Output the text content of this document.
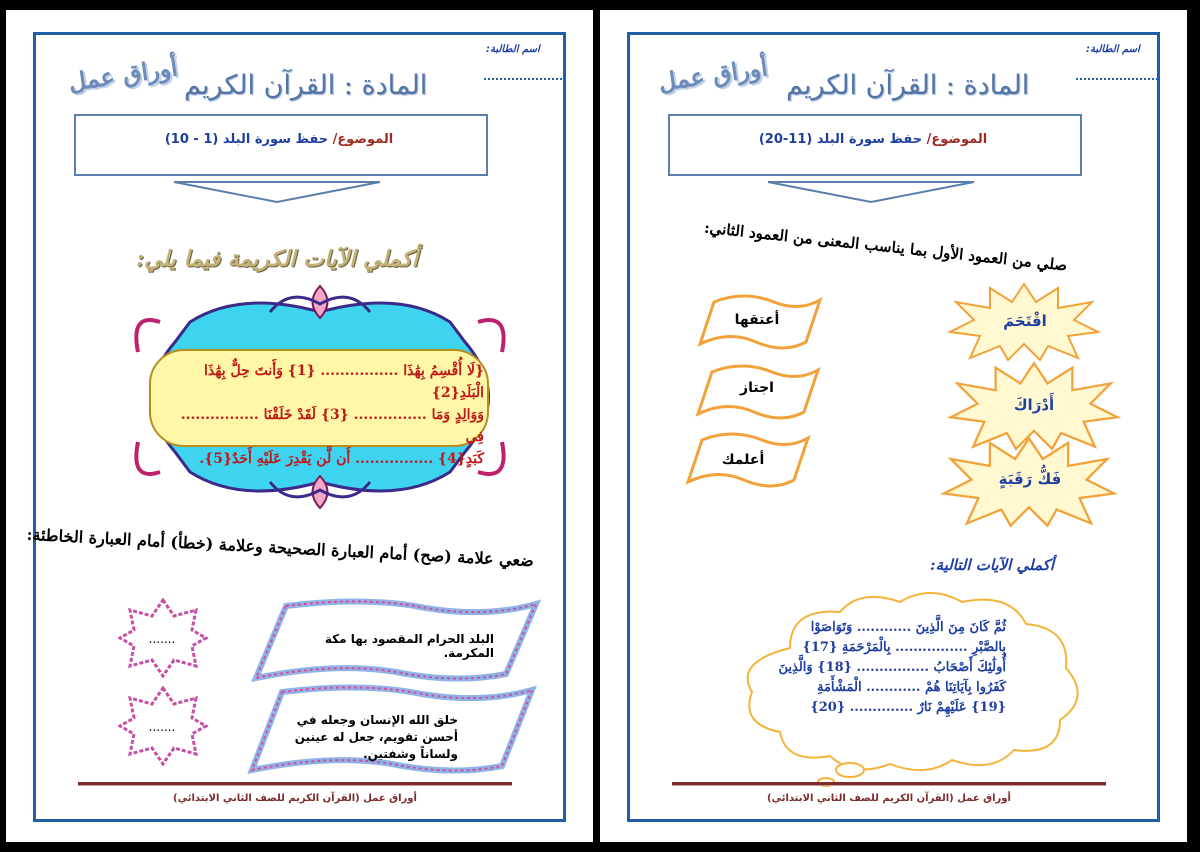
اسم الطالبة:
المادة : القرآن الكريم
أوراق عمل
الموضوع/ حفظ سورة البلد (1 - 10)
أكملي الآيات الكريمة فيما يلي:
{لَا أُقْسِمُ بِهَٰذَا ................ {1} وَأَنتَ حِلٌّ بِهَٰذَا الْبَلَدِ{2}
وَوَالِدٍ وَمَا ............... {3} لَقَدْ خَلَقْنَا ................ فِي
كَبَدٍ{4} ................ أَن لَّن يَقْدِرَ عَلَيْهِ أَحَدٌ{5}.
ضعي علامة (صح) أمام العبارة الصحيحة وعلامة (خطأ) أمام العبارة الخاطئة:
.......	البلد الحرام المقصود بها مكة المكرمة.
.......	خلق الله الإنسان وجعله في أحسن تقويم، جعل له عينين ولساناً وشفتين.
أوراق عمل (القرآن الكريم للصف الثاني الابتدائي)
اسم الطالبة:
المادة : القرآن الكريم
أوراق عمل
الموضوع/ حفظ سورة البلد (11-20)
صلي من العمود الأول بما يناسب المعنى من العمود الثاني:
اقْتَحَمَ
أَدْرَاكَ
فَكُّ رَقَبَةٍ
أعتقها
اجتاز
أعلمك
أكملي الآيات التالية:
ثُمَّ كَانَ مِنَ الَّذِينَ ............ وَتَوَاصَوْا
بِالصَّبْرِ ................ بِالْمَرْحَمَةِ {17}
أُولَٰئِكَ أَصْحَابُ ................ {18} وَالَّذِينَ
كَفَرُوا بِآيَاتِنَا هُمْ ............ الْمَشْأَمَةِ
{19} عَلَيْهِمْ نَارٌ .............. {20}
أوراق عمل (القرآن الكريم للصف الثاني الابتدائي)
